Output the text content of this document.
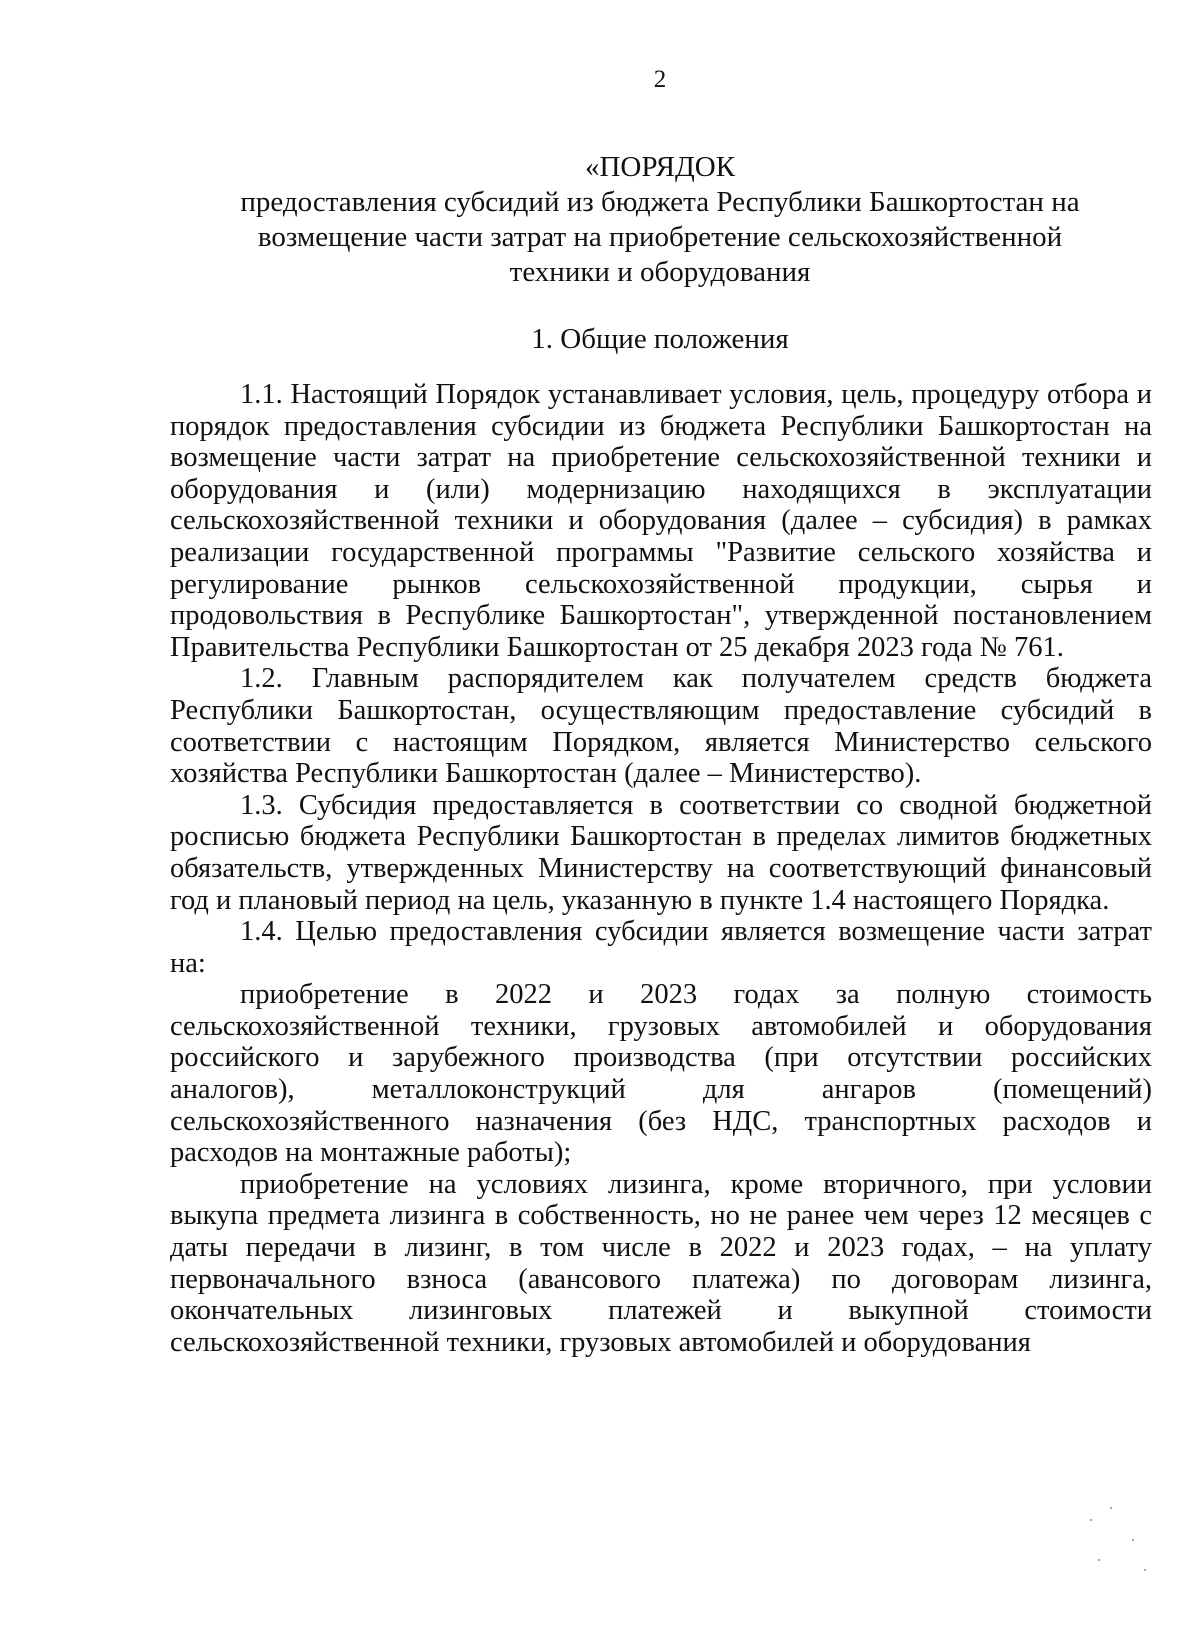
2
«ПОРЯДОК
предоставления субсидий из бюджета Республики Башкортостан на
возмещение части затрат на приобретение сельскохозяйственной
техники и оборудования
1. Общие положения

1.1. Настоящий Порядок устанавливает условия, цель, процедуру отбора и порядок предоставления субсидии из бюджета Республики Башкортостан на возмещение части затрат на приобретение сельскохозяйственной техники и оборудования и (или) модернизацию находящихся в эксплуатации сельскохозяйственной техники и оборудования (далее – субсидия) в рамках реализации государственной программы "Развитие сельского хозяйства и регулирование рынков сельскохозяйственной продукции, сырья и продовольствия в Республике Башкортостан", утвержденной постановлением Правительства Республики Башкортостан от 25 декабря 2023 года № 761.

1.2. Главным распорядителем как получателем средств бюджета Республики Башкортостан, осуществляющим предоставление субсидий в соответствии с настоящим Порядком, является Министерство сельского хозяйства Республики Башкортостан (далее – Министерство).

1.3. Субсидия предоставляется в соответствии со сводной бюджетной росписью бюджета Республики Башкортостан в пределах лимитов бюджетных обязательств, утвержденных Министерству на соответствующий финансовый год и плановый период на цель, указанную в пункте 1.4 настоящего Порядка.

1.4. Целью предоставления субсидии является возмещение части затрат на:

приобретение в 2022 и 2023 годах за полную стоимость сельскохозяйственной техники, грузовых автомобилей и оборудования российского и зарубежного производства (при отсутствии российских аналогов), металлоконструкций для ангаров (помещений) сельскохозяйственного назначения (без НДС, транспортных расходов и расходов на монтажные работы);

приобретение на условиях лизинга, кроме вторичного, при условии выкупа предмета лизинга в собственность, но не ранее чем через 12 месяцев с даты передачи в лизинг, в том числе в 2022 и 2023 годах, – на уплату первоначального взноса (авансового платежа) по договорам лизинга, окончательных лизинговых платежей и выкупной стоимости сельскохозяйственной техники, грузовых автомобилей и оборудования
